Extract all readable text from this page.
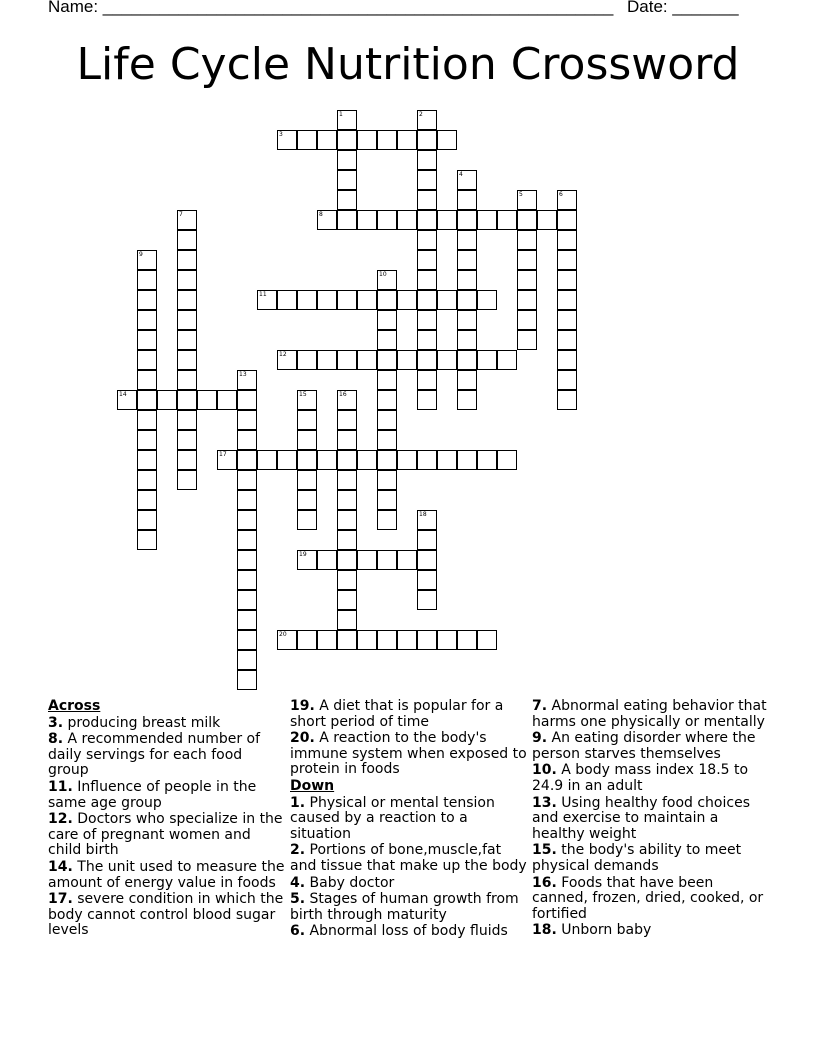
Name: ______________________________________________________ Date: _______
Life Cycle Nutrition Crossword
1	2
3
4
5	6
7	8
9
10
11
12
13
14	15	16
17
18
19
20
Across
3. producing breast milk
8. A recommended number of daily servings for each food group
11. Influence of people in the same age group
12. Doctors who specialize in the care of pregnant women and child birth
14. The unit used to measure the amount of energy value in foods
17. severe condition in which the body cannot control blood sugar levels
19. A diet that is popular for a short period of time
20. A reaction to the body's immune system when exposed to protein in foods
Down
1. Physical or mental tension caused by a reaction to a situation
2. Portions of bone,muscle,fat and tissue that make up the body
4. Baby doctor
5. Stages of human growth from birth through maturity
6. Abnormal loss of body fluids
7. Abnormal eating behavior that harms one physically or mentally
9. An eating disorder where the person starves themselves
10. A body mass index 18.5 to 24.9 in an adult
13. Using healthy food choices and exercise to maintain a healthy weight
15. the body's ability to meet physical demands
16. Foods that have been canned, frozen, dried, cooked, or fortified
18. Unborn baby
